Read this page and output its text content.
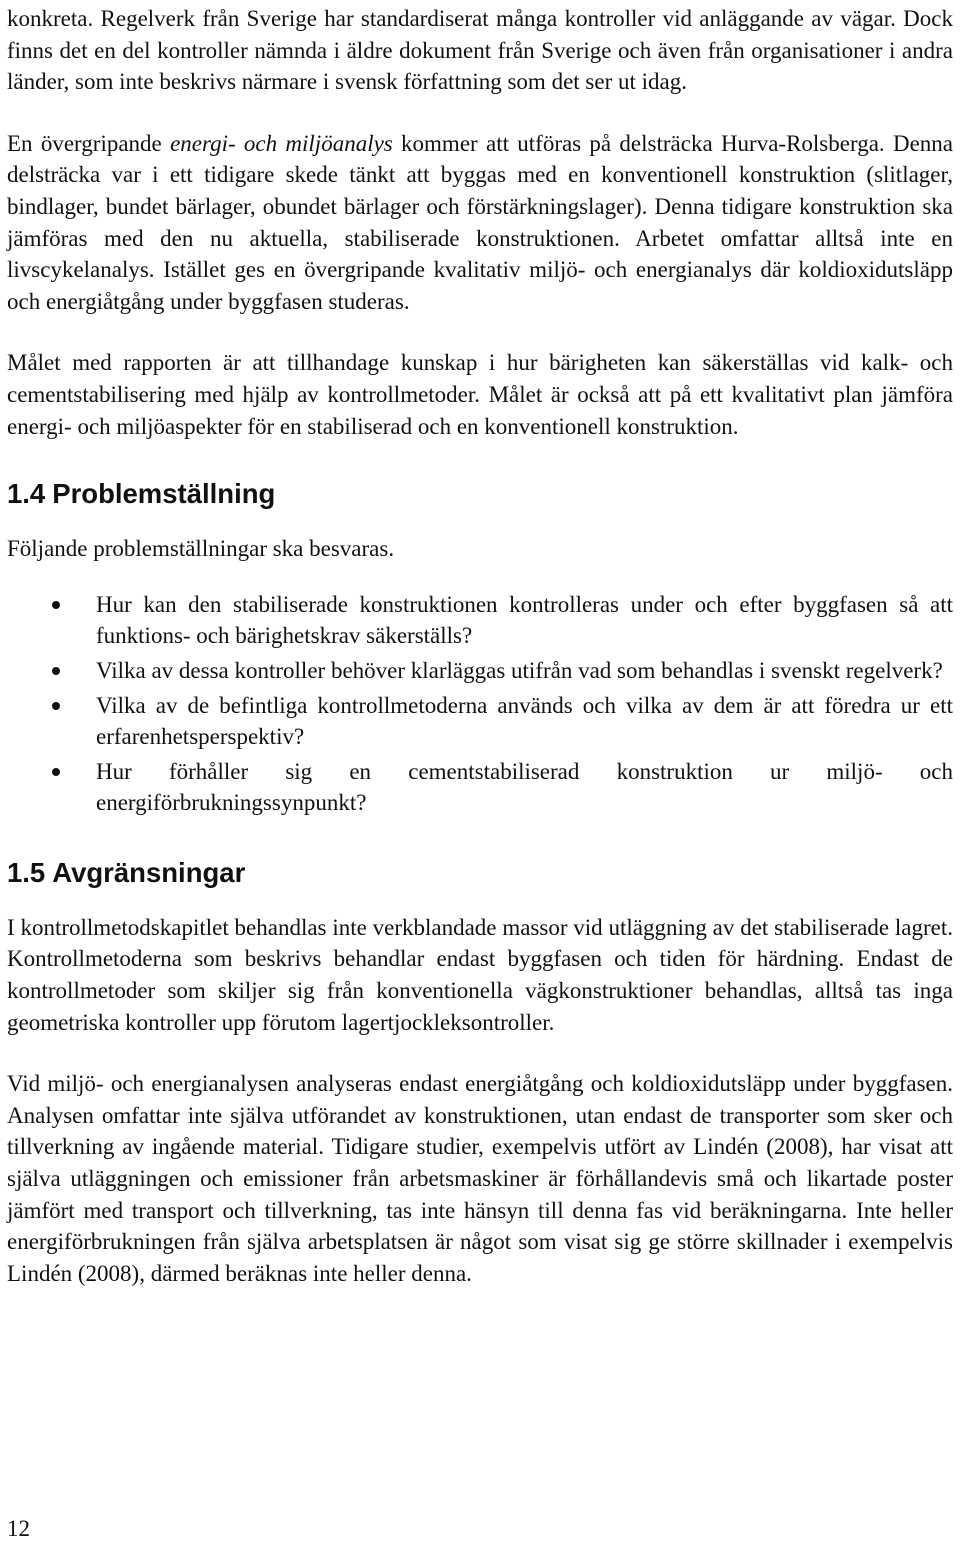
konkreta. Regelverk från Sverige har standardiserat många kontroller vid anläggande av vägar. Dock finns det en del kontroller nämnda i äldre dokument från Sverige och även från organisationer i andra länder, som inte beskrivs närmare i svensk författning som det ser ut idag.

En övergripande energi- och miljöanalys kommer att utföras på delsträcka Hurva-Rolsberga. Denna delsträcka var i ett tidigare skede tänkt att byggas med en konventionell konstruktion (slitlager, bindlager, bundet bärlager, obundet bärlager och förstärkningslager). Denna tidigare konstruktion ska jämföras med den nu aktuella, stabiliserade konstruktionen. Arbetet omfattar alltså inte en livscykelanalys. Istället ges en övergripande kvalitativ miljö- och energianalys där koldioxidutsläpp och energiåtgång under byggfasen studeras.

Målet med rapporten är att tillhandage kunskap i hur bärigheten kan säkerställas vid kalk- och cementstabilisering med hjälp av kontrollmetoder. Målet är också att på ett kvalitativt plan jämföra energi- och miljöaspekter för en stabiliserad och en konventionell konstruktion.

1.4 Problemställning

Följande problemställningar ska besvaras.

Hur kan den stabiliserade konstruktionen kontrolleras under och efter byggfasen så att funktions- och bärighetskrav säkerställs?
Vilka av dessa kontroller behöver klarläggas utifrån vad som behandlas i svenskt regelverk?
Vilka av de befintliga kontrollmetoderna används och vilka av dem är att föredra ur ett erfarenhetsperspektiv?
Hur förhåller sig en cementstabiliserad konstruktion ur miljö- och energiförbrukningssynpunkt?
1.5 Avgränsningar

I kontrollmetodskapitlet behandlas inte verkblandade massor vid utläggning av det stabiliserade lagret. Kontrollmetoderna som beskrivs behandlar endast byggfasen och tiden för härdning. Endast de kontrollmetoder som skiljer sig från konventionella vägkonstruktioner behandlas, alltså tas inga geometriska kontroller upp förutom lagertjockleksontroller.

Vid miljö- och energianalysen analyseras endast energiåtgång och koldioxidutsläpp under byggfasen. Analysen omfattar inte själva utförandet av konstruktionen, utan endast de transporter som sker och tillverkning av ingående material. Tidigare studier, exempelvis utfört av Lindén (2008), har visat att själva utläggningen och emissioner från arbetsmaskiner är förhållandevis små och likartade poster jämfört med transport och tillverkning, tas inte hänsyn till denna fas vid beräkningarna. Inte heller energiförbrukningen från själva arbetsplatsen är något som visat sig ge större skillnader i exempelvis Lindén (2008), därmed beräknas inte heller denna.

12
